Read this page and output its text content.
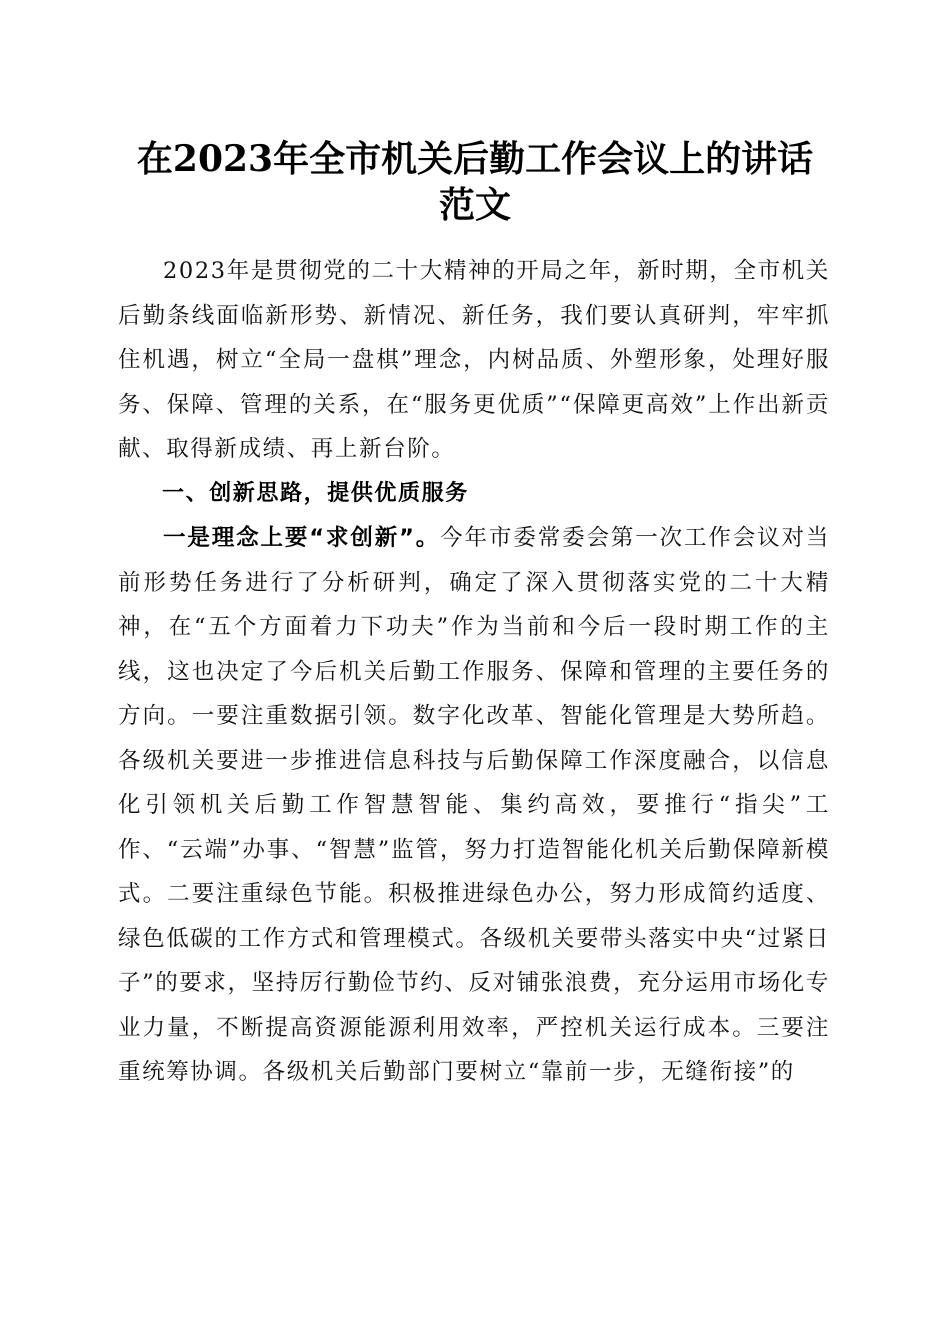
在2023年全市机关后勤工作会议上的讲话范文

2023年是贯彻党的二十大精神的开局之年，新时期，全市机关后勤条线面临新形势、新情况、新任务，我们要认真研判，牢牢抓住机遇，树立“全局一盘棋”理念，内树品质、外塑形象，处理好服务、保障、管理的关系，在“服务更优质”“保障更高效”上作出新贡献、取得新成绩、再上新台阶。

一、创新思路，提供优质服务

一是理念上要“求创新”。今年市委常委会第一次工作会议对当前形势任务进行了分析研判，确定了深入贯彻落实党的二十大精神，在“五个方面着力下功夫”作为当前和今后一段时期工作的主线，这也决定了今后机关后勤工作服务、保障和管理的主要任务的方向。一要注重数据引领。数字化改革、智能化管理是大势所趋。各级机关要进一步推进信息科技与后勤保障工作深度融合，以信息化引领机关后勤工作智慧智能、集约高效，要推行“指尖”工作、“云端”办事、“智慧”监管，努力打造智能化机关后勤保障新模式。二要注重绿色节能。积极推进绿色办公，努力形成简约适度、绿色低碳的工作方式和管理模式。各级机关要带头落实中央“过紧日子”的要求，坚持厉行勤俭节约、反对铺张浪费，充分运用市场化专业力量，不断提高资源能源利用效率，严控机关运行成本。三要注重统筹协调。各级机关后勤部门要树立“靠前一步，无缝衔接”的
